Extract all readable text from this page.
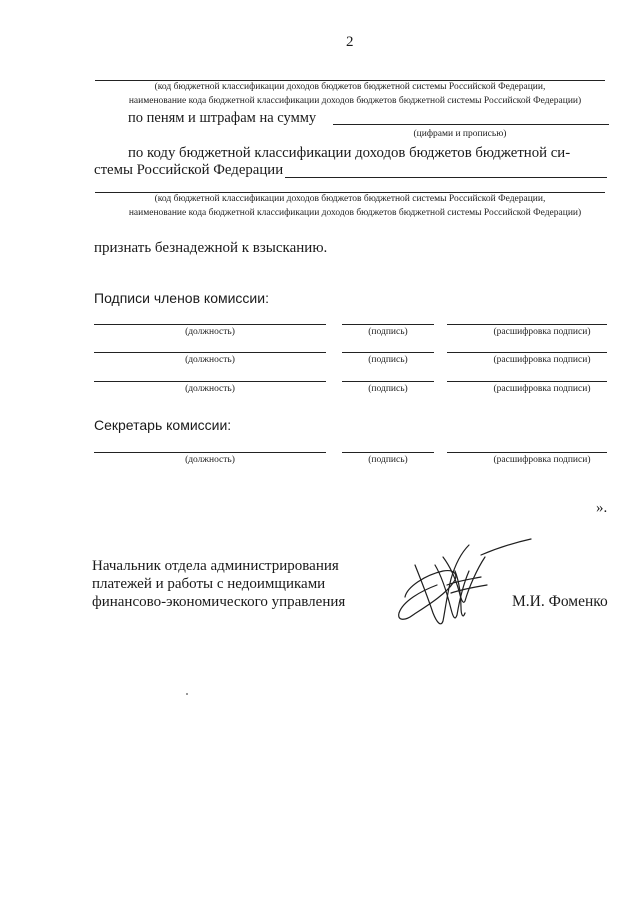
2
(код бюджетной классификации доходов бюджетов бюджетной системы Российской Федерации,
наименование кода бюджетной классификации доходов бюджетов бюджетной системы Российской Федерации)
по пеням и штрафам на сумму
(цифрами и прописью)
по коду бюджетной классификации доходов бюджетов бюджетной си-
стемы Российской Федерации
(код бюджетной классификации доходов бюджетов бюджетной системы Российской Федерации,
наименование кода бюджетной классификации доходов бюджетов бюджетной системы Российской Федерации)
признать безнадежной к взысканию.
Подписи членов комиссии:
(должность)	(подпись)	(расшифровка подписи)
(должность)	(подпись)	(расшифровка подписи)
(должность)	(подпись)	(расшифровка подписи)
Секретарь комиссии:
(должность)	(подпись)	(расшифровка подписи)
».
Начальник отдела администрирования
платежей и работы с недоимщиками
финансово-экономического управления	М.И. Фоменко
